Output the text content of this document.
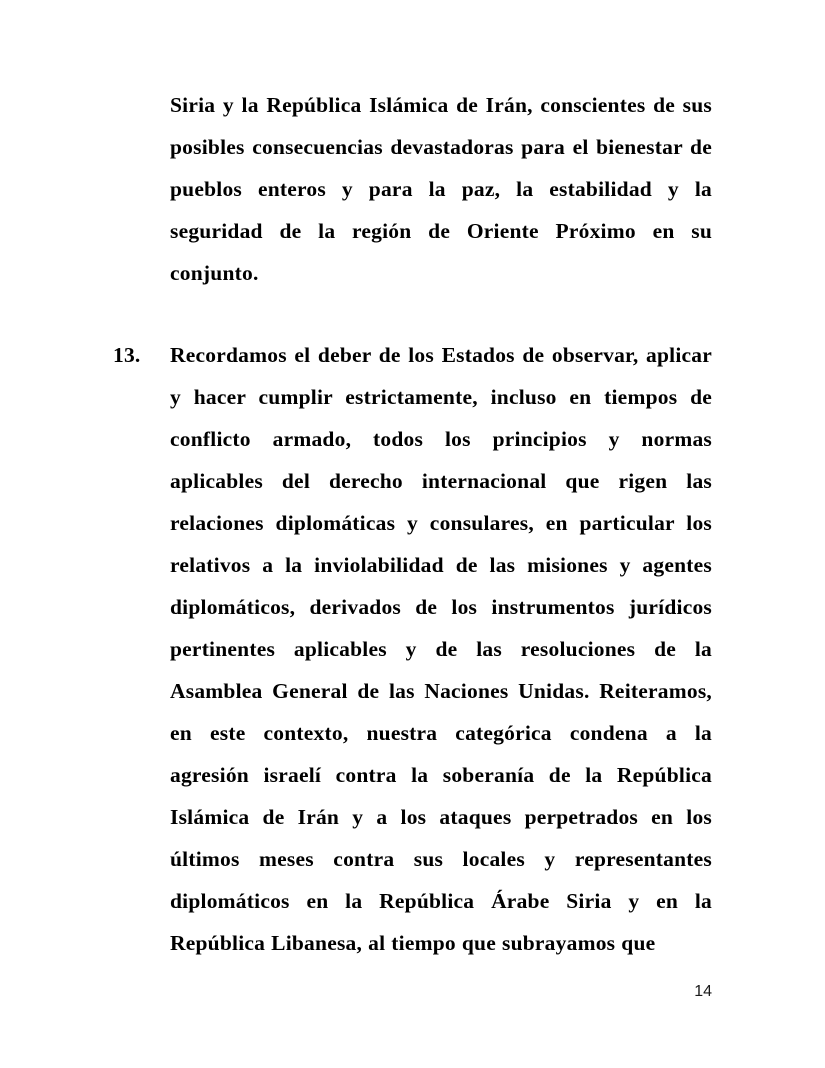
Siria y la República Islámica de Irán, conscientes de sus posibles consecuencias devastadoras para el bienestar de pueblos enteros y para la paz, la estabilidad y la seguridad de la región de Oriente Próximo en su conjunto.
13.	Recordamos el deber de los Estados de observar, aplicar y hacer cumplir estrictamente, incluso en tiempos de conflicto armado, todos los principios y normas aplicables del derecho internacional que rigen las relaciones diplomáticas y consulares, en particular los relativos a la inviolabilidad de las misiones y agentes diplomáticos, derivados de los instrumentos jurídicos pertinentes aplicables y de las resoluciones de la Asamblea General de las Naciones Unidas. Reiteramos, en este contexto, nuestra categórica condena a la agresión israelí contra la soberanía de la República Islámica de Irán y a los ataques perpetrados en los últimos meses contra sus locales y representantes diplomáticos en la República Árabe Siria y en la República Libanesa, al tiempo que subrayamos que
14
